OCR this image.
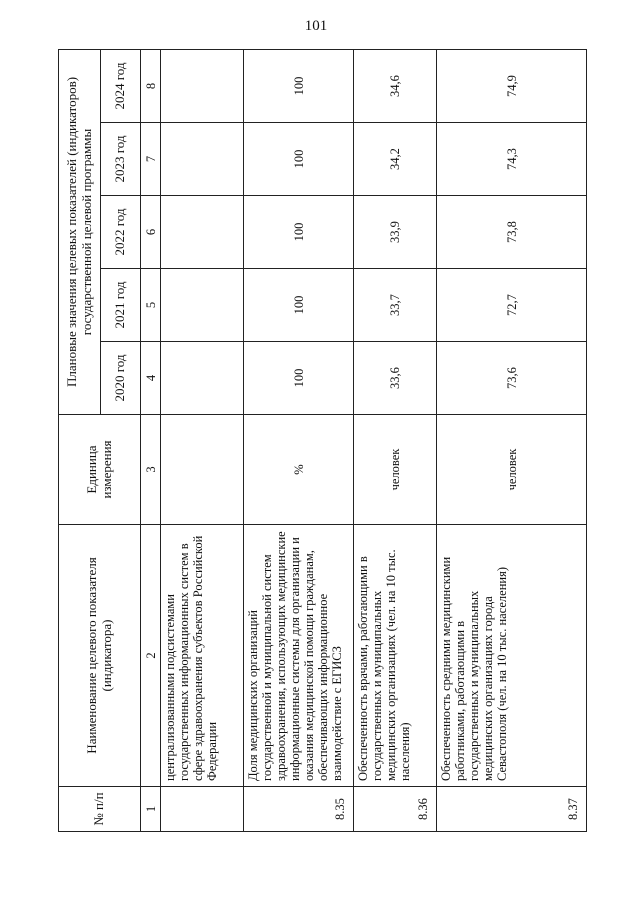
101
№ п/п	Наименование целевого показателя (индикатора)	Единица измерения	Плановые значения целевых показателей (индикаторов) государственной целевой программы				
			2020 год	2021 год	2022 год	2023 год	2024 год
1	2	3	4	5	6	7	8
	централизованными подсистемами государственных информационных систем в сфере здравоохранения субъектов Российской Федерации						
8.35	Доля медицинских организаций государственной и муниципальной систем здравоохранения, использующих медицинские информационные системы для организации и оказания медицинской помощи гражданам, обеспечивающих информационное взаимодействие с ЕГИСЗ	%	100	100	100	100	100
8.36	Обеспеченность врачами, работающими в государственных и муниципальных медицинских организациях (чел. на 10 тыс. населения)	человек	33,6	33,7	33,9	34,2	34,6
8.37	Обеспеченность средними медицинскими работниками, работающими в государственных и муниципальных медицинских организациях города Севастополя (чел. на 10 тыс. населения)	человек	73,6	72,7	73,8	74,3	74,9
